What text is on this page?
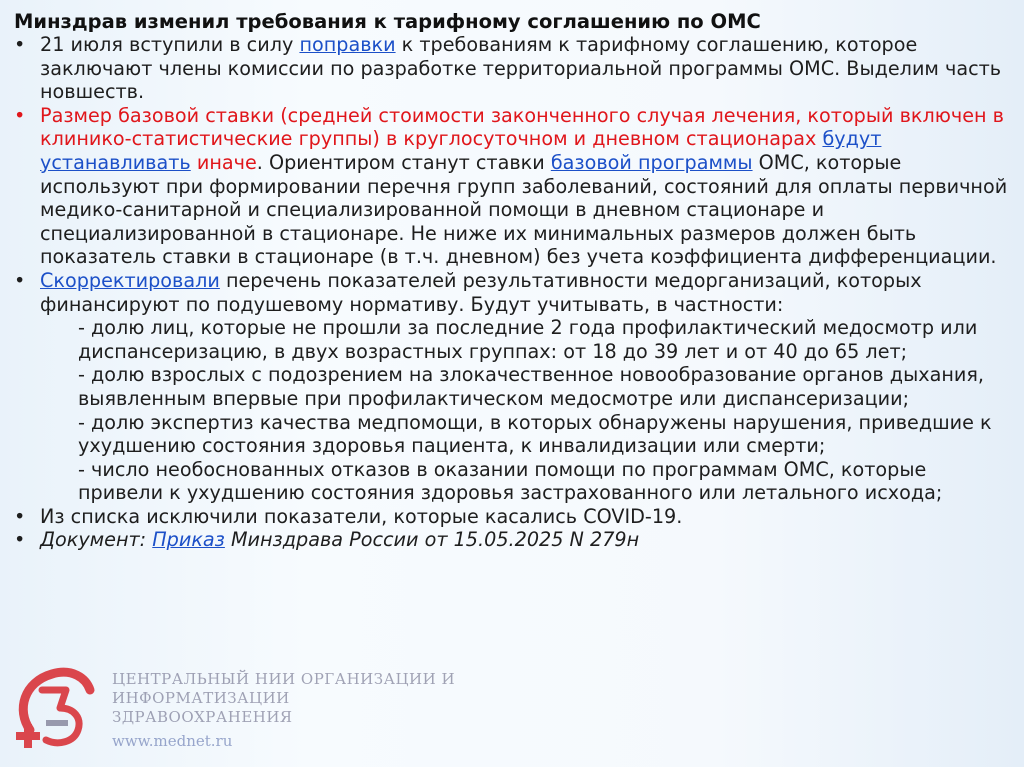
Минздрав изменил требования к тарифному соглашению по ОМС
• 21 июля вступили в силу поправки к требованиям к тарифному соглашению, которое заключают члены комиссии по разработке территориальной программы ОМС. Выделим часть новшеств.
• Размер базовой ставки (средней стоимости законченного случая лечения, который включен в клинико-статистические группы) в круглосуточном и дневном стационарах будут устанавливать иначе. Ориентиром станут ставки базовой программы ОМС, которые используют при формировании перечня групп заболеваний, состояний для оплаты первичной медико-санитарной и специализированной помощи в дневном стационаре и специализированной в стационаре. Не ниже их минимальных размеров должен быть показатель ставки в стационаре (в т.ч. дневном) без учета коэффициента дифференциации.
• Скорректировали перечень показателей результативности медорганизаций, которых финансируют по подушевому нормативу. Будут учитывать, в частности:
- долю лиц, которые не прошли за последние 2 года профилактический медосмотр или диспансеризацию, в двух возрастных группах: от 18 до 39 лет и от 40 до 65 лет;
- долю взрослых с подозрением на злокачественное новообразование органов дыхания, выявленным впервые при профилактическом медосмотре или диспансеризации;
- долю экспертиз качества медпомощи, в которых обнаружены нарушения, приведшие к ухудшению состояния здоровья пациента, к инвалидизации или смерти;
- число необоснованных отказов в оказании помощи по программам ОМС, которые привели к ухудшению состояния здоровья застрахованного или летального исхода;
• Из списка исключили показатели, которые касались COVID-19.
• Документ: Приказ Минздрава России от 15.05.2025 N 279н
ЦЕНТРАЛЬНЫЙ НИИ ОРГАНИЗАЦИИ И
ИНФОРМАТИЗАЦИИ ЗДРАВООХРАНЕНИЯ
www.mednet.ru
